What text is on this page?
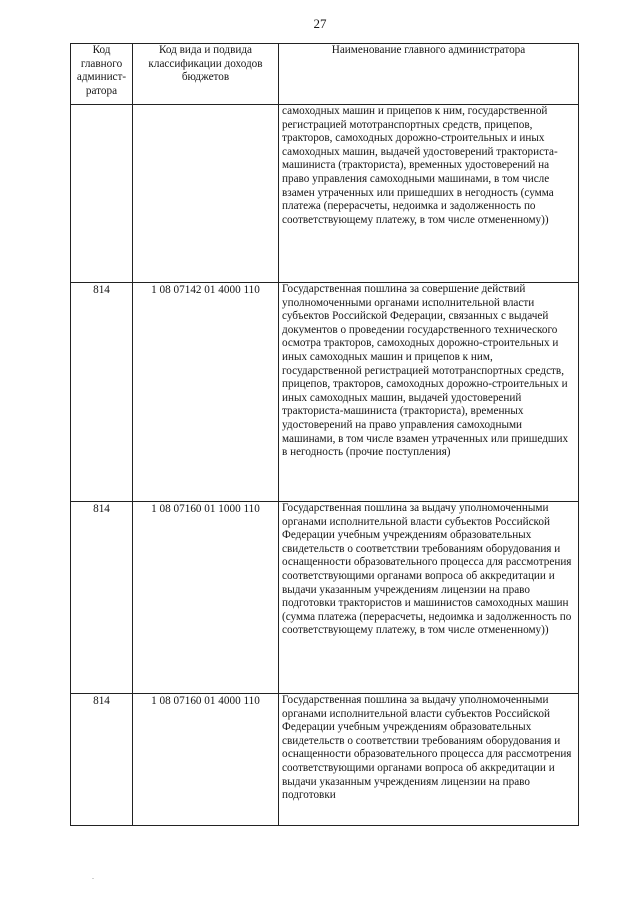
27
Код главного админист-ратора	Код вида и подвида классификации доходов бюджетов	Наименование главного администратора
		самоходных машин и прицепов к ним, государственной регистрацией мототранспортных средств, прицепов, тракторов, самоходных дорожно-строительных и иных самоходных машин, выдачей удостоверений тракториста-машиниста (тракториста), временных удостоверений на право управления самоходными машинами, в том числе взамен утраченных или пришедших в негодность (сумма платежа (перерасчеты, недоимка и задолженность по соответствующему платежу, в том числе отмененному))
814	1 08 07142 01 4000 110	Государственная пошлина за совершение действий уполномоченными органами исполнительной власти субъектов Российской Федерации, связанных с выдачей документов о проведении государственного технического осмотра тракторов, самоходных дорожно-строительных и иных самоходных машин и прицепов к ним, государственной регистрацией мототранспортных средств, прицепов, тракторов, самоходных дорожно-строительных и иных самоходных машин, выдачей удостоверений тракториста-машиниста (тракториста), временных удостоверений на право управления самоходными машинами, в том числе взамен утраченных или пришедших в негодность (прочие поступления)
814	1 08 07160 01 1000 110	Государственная пошлина за выдачу уполномоченными органами исполнительной власти субъектов Российской Федерации учебным учреждениям образовательных свидетельств о соответствии требованиям оборудования и оснащенности образовательного процесса для рассмотрения соответствующими органами вопроса об аккредитации и выдачи указанным учреждениям лицензии на право подготовки трактористов и машинистов самоходных машин (сумма платежа (перерасчеты, недоимка и задолженность по соответствующему платежу, в том числе отмененному))
814	1 08 07160 01 4000 110	Государственная пошлина за выдачу уполномоченными органами исполнительной власти субъектов Российской Федерации учебным учреждениям образовательных свидетельств о соответствии требованиям оборудования и оснащенности образовательного процесса для рассмотрения соответствующими органами вопроса об аккредитации и выдачи указанным учреждениям лицензии на право подготовки
.
